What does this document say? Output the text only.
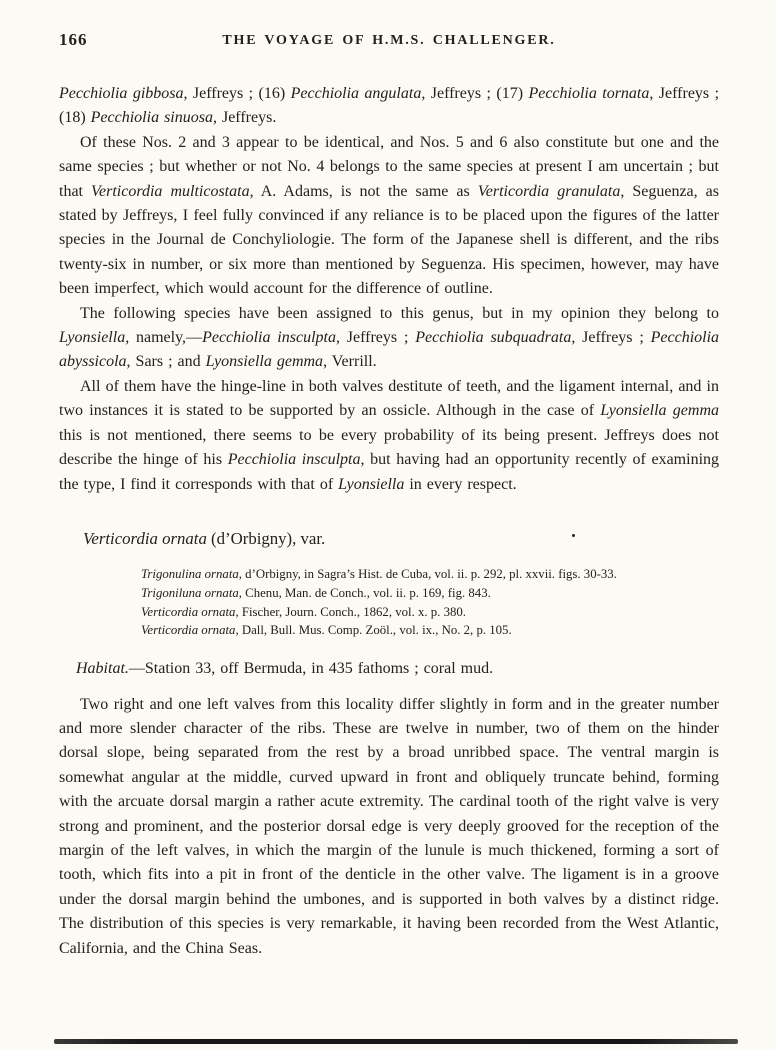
166	THE VOYAGE OF H.M.S. CHALLENGER.

Pecchiolia gibbosa, Jeffreys ; (16) Pecchiolia angulata, Jeffreys ; (17) Pecchiolia tornata, Jeffreys ; (18) Pecchiolia sinuosa, Jeffreys.

Of these Nos. 2 and 3 appear to be identical, and Nos. 5 and 6 also constitute but one and the same species ; but whether or not No. 4 belongs to the same species at present I am uncertain ; but that Verticordia multicostata, A. Adams, is not the same as Verticordia granulata, Seguenza, as stated by Jeffreys, I feel fully convinced if any reliance is to be placed upon the figures of the latter species in the Journal de Conchyliologie. The form of the Japanese shell is different, and the ribs twenty-six in number, or six more than mentioned by Seguenza. His specimen, however, may have been imperfect, which would account for the difference of outline.

The following species have been assigned to this genus, but in my opinion they belong to Lyonsiella, namely,—Pecchiolia insculpta, Jeffreys ; Pecchiolia subquadrata, Jeffreys ; Pecchiolia abyssicola, Sars ; and Lyonsiella gemma, Verrill.

All of them have the hinge-line in both valves destitute of teeth, and the ligament internal, and in two instances it is stated to be supported by an ossicle. Although in the case of Lyonsiella gemma this is not mentioned, there seems to be every probability of its being present. Jeffreys does not describe the hinge of his Pecchiolia insculpta, but having had an opportunity recently of examining the type, I find it corresponds with that of Lyonsiella in every respect.

Verticordia ornata (d’Orbigny), var.
Trigonulina ornata, d’Orbigny, in Sagra’s Hist. de Cuba, vol. ii. p. 292, pl. xxvii. figs. 30-33.
Trigoniluna ornata, Chenu, Man. de Conch., vol. ii. p. 169, fig. 843.
Verticordia ornata, Fischer, Journ. Conch., 1862, vol. x. p. 380.
Verticordia ornata, Dall, Bull. Mus. Comp. Zoöl., vol. ix., No. 2, p. 105.

Habitat.—Station 33, off Bermuda, in 435 fathoms ; coral mud.

Two right and one left valves from this locality differ slightly in form and in the greater number and more slender character of the ribs. These are twelve in number, two of them on the hinder dorsal slope, being separated from the rest by a broad unribbed space. The ventral margin is somewhat angular at the middle, curved upward in front and obliquely truncate behind, forming with the arcuate dorsal margin a rather acute extremity. The cardinal tooth of the right valve is very strong and prominent, and the posterior dorsal edge is very deeply grooved for the reception of the margin of the left valves, in which the margin of the lunule is much thickened, forming a sort of tooth, which fits into a pit in front of the denticle in the other valve. The ligament is in a groove under the dorsal margin behind the umbones, and is supported in both valves by a distinct ridge. The distribution of this species is very remarkable, it having been recorded from the West Atlantic, California, and the China Seas.
